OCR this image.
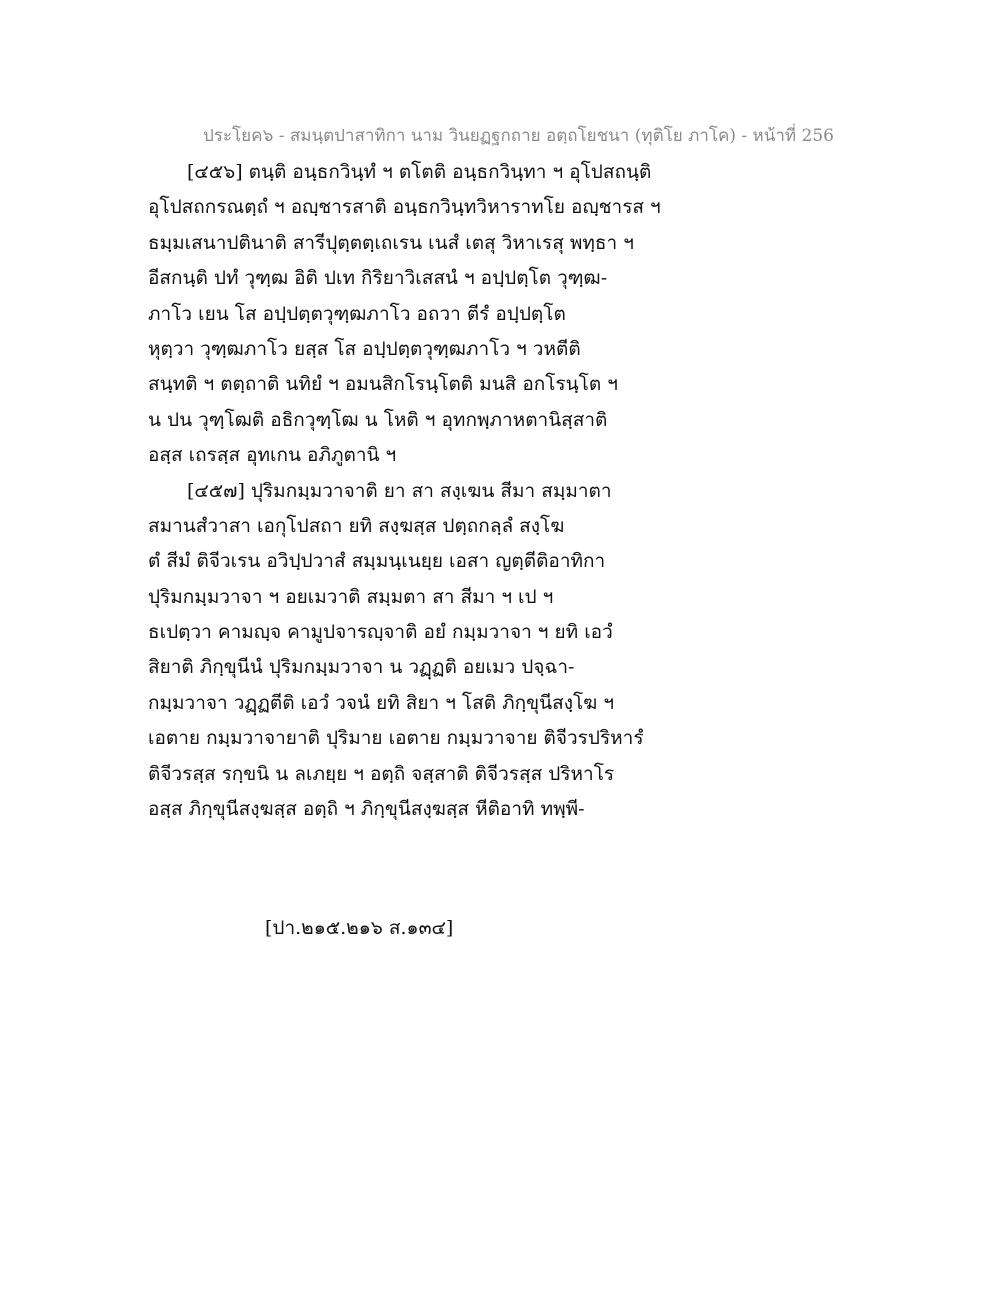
ประโยค๖ - สมนฺตปาสาทิกา นาม วินยฏฐกถาย อตฺถโยชนา (ทุติโย ภาโค) - หน้าที่ 256
[๔๕๖] ตนฺติ อนฺธกวินฺทํ ฯ ตโตติ อนฺธกวินฺทา ฯ อุโปสถนฺติ
อุโปสถกรณตฺถํ ฯ อญฺชารสาติ อนฺธกวินฺทวิหาราทโย อญฺชารส ฯ
ธมฺมเสนาปตินาติ สารีปุตฺตตฺเถเรน เนสํ เตสุ วิหาเรสุ พทฺธา ฯ
อีสกนฺติ ปทํ วุฑฺฒ อิติ ปเท กิริยาวิเสสนํ ฯ อปฺปตฺโต วุฑฺฒ-
ภาโว เยน โส อปฺปตฺตวุฑฺฒภาโว อถวา ตีรํ อปฺปตฺโต
หุตฺวา วุฑฺฒภาโว ยสฺส โส อปฺปตฺตวุฑฺฒภาโว ฯ วหตีติ
สนฺทติ ฯ ตตฺถาติ นทิยํ ฯ อมนสิกโรนฺโตติ มนสิ อกโรนฺโต ฯ
น ปน วุฑฺโฒติ อธิกวุฑฺโฒ น โหติ ฯ อุทกพฺภาหตานิสฺสาติ
อสฺส เถรสฺส อุทเกน อภิภูตานิ ฯ
[๔๕๗] ปุริมกมฺมวาจาติ ยา สา สงฺเฆน สีมา สมฺมาตา
สมานสํวาสา เอกุโปสถา ยทิ สงฺฆสฺส ปตฺถกลฺลํ สงฺโฆ
ตํ สีมํ ติจีวเรน อวิปฺปวาสํ สมฺมนฺเนยฺย เอสา ญตฺตีติอาทิกา
ปุริมกมฺมวาจา ฯ อยเมวาติ สมฺมตา สา สีมา ฯ เป ฯ
ธเปตฺวา คามญฺจ คามูปจารญฺจาติ อยํ กมฺมวาจา ฯ ยทิ เอวํ
สิยาติ ภิกฺขุนีนํ ปุริมกมฺมวาจา น วฏฺฏติ อยเมว ปจฺฉา-
กมฺมวาจา วฏฺฏตีติ เอวํ วจนํ ยทิ สิยา ฯ โสติ ภิกฺขุนีสงฺโฆ ฯ
เอตาย กมฺมวาจายาติ ปุริมาย เอตาย กมฺมวาจาย ติจีวรปริหารํ
ติจีวรสฺส รกฺขนิ น ลเภยฺย ฯ อตฺถิ จสฺสาติ ติจีวรสฺส ปริหาโร
อสฺส ภิกฺขุนีสงฺฆสฺส อตฺถิ ฯ ภิกฺขุนีสงฺฆสฺส หีติอาทิ ทพฺพี-
[ปา.๒๑๕.๒๑๖ ส.๑๓๔]
